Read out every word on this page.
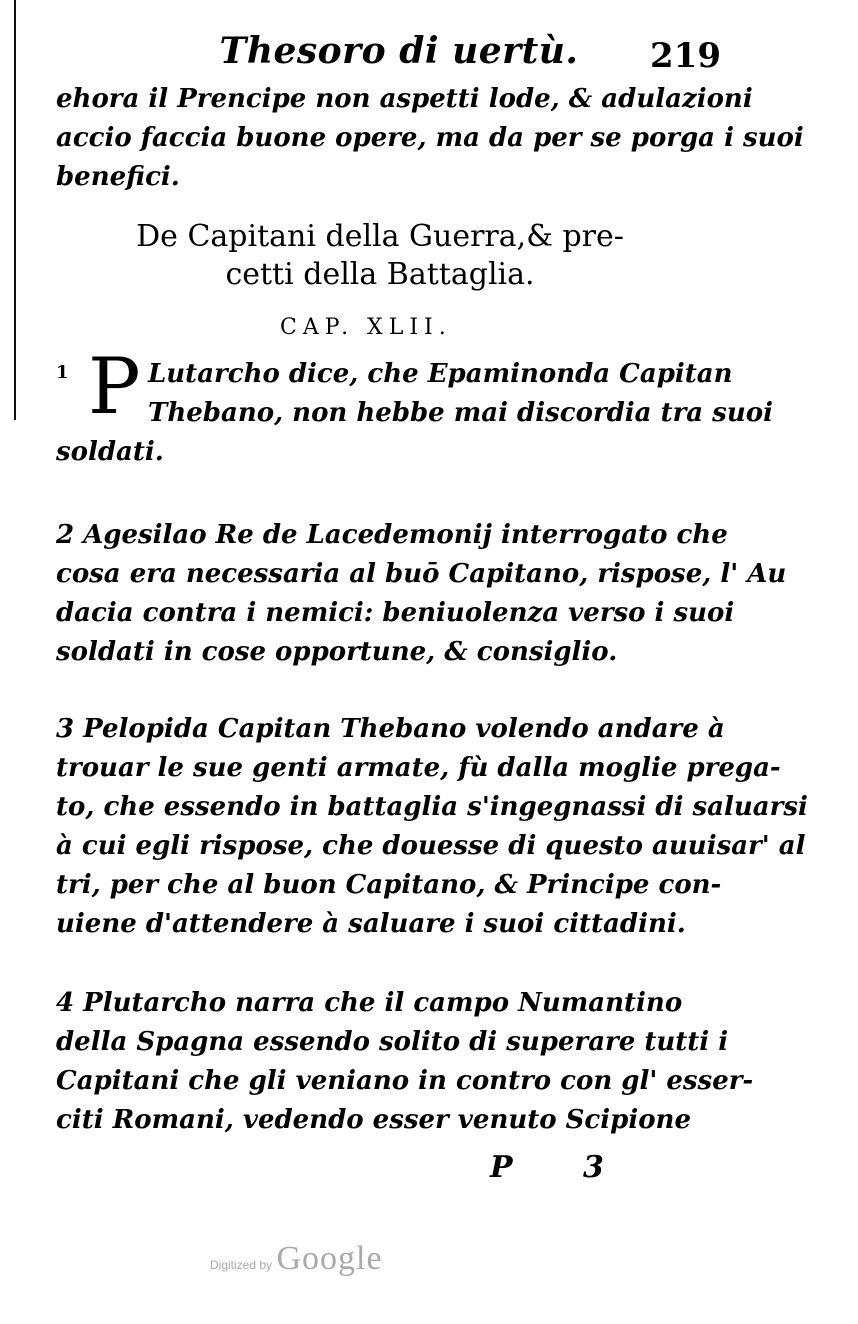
Thesoro di uertù.	219
ehora il Prencipe non aspetti lode, & adulazioni
accio faccia buone opere, ma da per se porga i suoi
benefici.
De Capitani della Guerra,& pre-
cetti della Battaglia.
CAP. XLII.
1 P Lutarcho dice, che Epaminonda Capitan
Thebano, non hebbe mai discordia tra suoi
soldati.
2 Agesilao Re de Lacedemonij interrogato che
cosa era necessaria al buō Capitano, rispose, l' Au
dacia contra i nemici: beniuolenza verso i suoi
soldati in cose opportune, & consiglio.
3 Pelopida Capitan Thebano volendo andare à
trouar le sue genti armate, fù dalla moglie prega-
to, che essendo in battaglia s'ingegnassi di saluarsi
à cui egli rispose, che douesse di questo auuisar' al
tri, per che al buon Capitano, & Principe con-
uiene d'attendere à saluare i suoi cittadini.
4 Plutarcho narra che il campo Numantino
della Spagna essendo solito di superare tutti i
Capitani che gli veniano in contro con gl' esser-
citi Romani, vedendo esser venuto Scipione
P 3
Digitized by Google
